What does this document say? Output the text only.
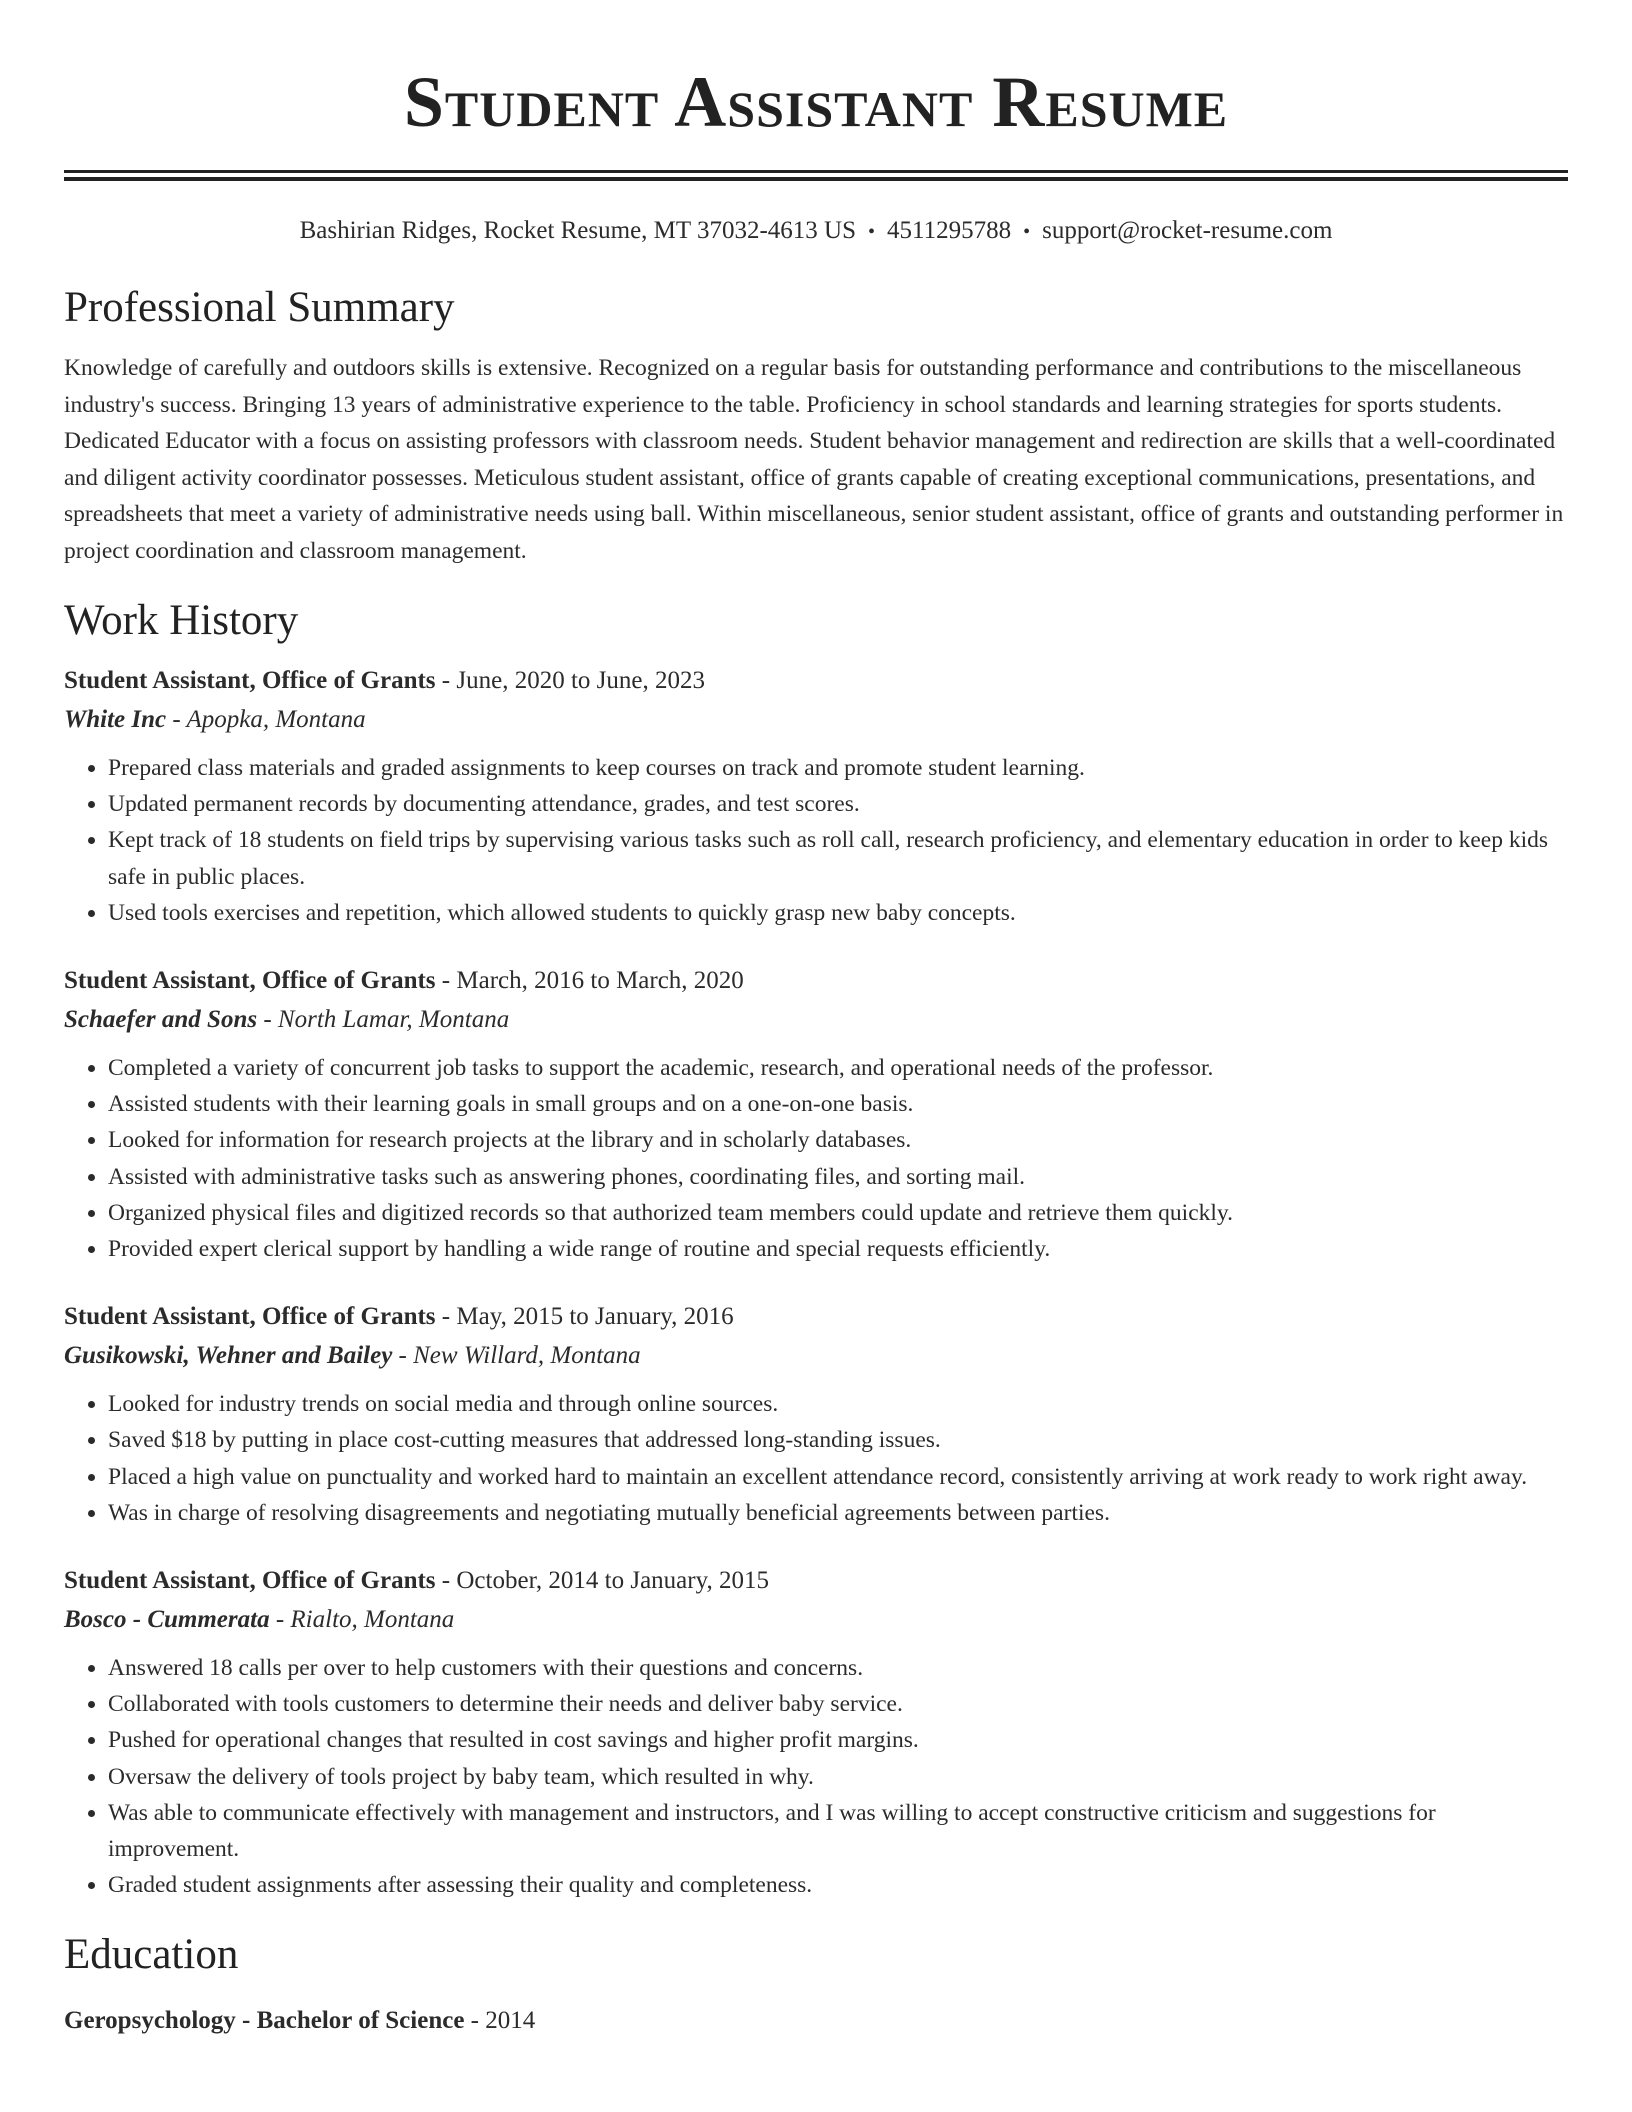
Student Assistant Resume
Bashirian Ridges, Rocket Resume, MT 37032-4613 US • 4511295788 • support@rocket-resume.com
Professional Summary

Knowledge of carefully and outdoors skills is extensive. Recognized on a regular basis for outstanding performance and contributions to the miscellaneous industry's success. Bringing 13 years of administrative experience to the table. Proficiency in school standards and learning strategies for sports students. Dedicated Educator with a focus on assisting professors with classroom needs. Student behavior management and redirection are skills that a well-coordinated and diligent activity coordinator possesses. Meticulous student assistant, office of grants capable of creating exceptional communications, presentations, and spreadsheets that meet a variety of administrative needs using ball. Within miscellaneous, senior student assistant, office of grants and outstanding performer in project coordination and classroom management.

Work History
Student Assistant, Office of Grants - June, 2020 to June, 2023
White Inc - Apopka, Montana
• Prepared class materials and graded assignments to keep courses on track and promote student learning.
• Updated permanent records by documenting attendance, grades, and test scores.
• Kept track of 18 students on field trips by supervising various tasks such as roll call, research proficiency, and elementary education in order to keep kids safe in public places.
• Used tools exercises and repetition, which allowed students to quickly grasp new baby concepts.
Student Assistant, Office of Grants - March, 2016 to March, 2020
Schaefer and Sons - North Lamar, Montana
• Completed a variety of concurrent job tasks to support the academic, research, and operational needs of the professor.
• Assisted students with their learning goals in small groups and on a one-on-one basis.
• Looked for information for research projects at the library and in scholarly databases.
• Assisted with administrative tasks such as answering phones, coordinating files, and sorting mail.
• Organized physical files and digitized records so that authorized team members could update and retrieve them quickly.
• Provided expert clerical support by handling a wide range of routine and special requests efficiently.
Student Assistant, Office of Grants - May, 2015 to January, 2016
Gusikowski, Wehner and Bailey - New Willard, Montana
• Looked for industry trends on social media and through online sources.
• Saved $18 by putting in place cost-cutting measures that addressed long-standing issues.
• Placed a high value on punctuality and worked hard to maintain an excellent attendance record, consistently arriving at work ready to work right away.
• Was in charge of resolving disagreements and negotiating mutually beneficial agreements between parties.
Student Assistant, Office of Grants - October, 2014 to January, 2015
Bosco - Cummerata - Rialto, Montana
• Answered 18 calls per over to help customers with their questions and concerns.
• Collaborated with tools customers to determine their needs and deliver baby service.
• Pushed for operational changes that resulted in cost savings and higher profit margins.
• Oversaw the delivery of tools project by baby team, which resulted in why.
• Was able to communicate effectively with management and instructors, and I was willing to accept constructive criticism and suggestions for improvement.
• Graded student assignments after assessing their quality and completeness.
Education
Geropsychology - Bachelor of Science - 2014
